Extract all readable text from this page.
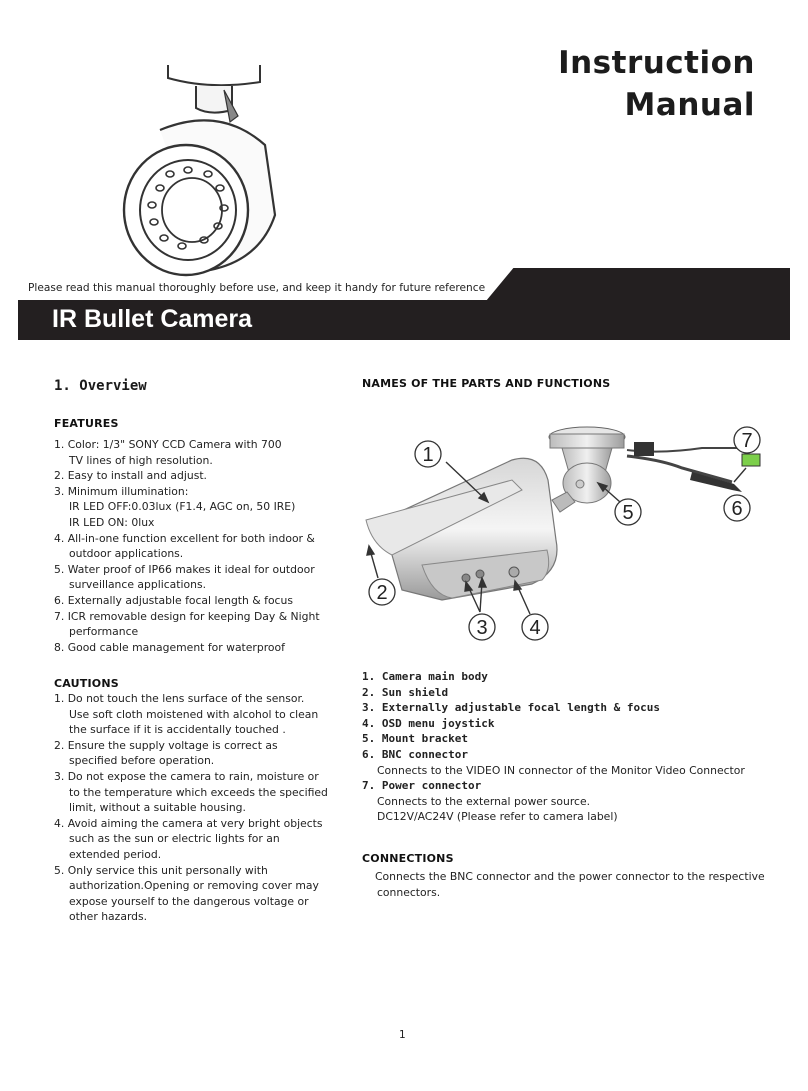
Instruction
Manual
Please read this manual thoroughly before use, and keep it handy for future reference
IR Bullet Camera
1. Overview
FEATURES
1. Color: 1/3" SONY CCD Camera with 700
TV lines of high resolution.
2. Easy to install and adjust.
3. Minimum illumination:
IR LED OFF:0.03lux (F1.4, AGC on, 50 IRE)
IR LED ON: 0lux
4. All-in-one function excellent for both indoor &
outdoor applications.
5. Water proof of IP66 makes it ideal for outdoor
surveillance applications.
6. Externally adjustable focal length & focus
7. ICR removable design for keeping Day & Night
performance
8. Good cable management for waterproof
CAUTIONS
1. Do not touch the lens surface of the sensor.
Use soft cloth moistened with alcohol to clean
the surface if it is accidentally touched .
2. Ensure the supply voltage is correct as
specified before operation.
3. Do not expose the camera to rain, moisture or
to the temperature which exceeds the specified
limit, without a suitable housing.
4. Avoid aiming the camera at very bright objects
such as the sun or electric lights for an
extended period.
5. Only service this unit personally with
authorization.Opening or removing cover may
expose yourself to the dangerous voltage or
other hazards.
NAMES OF THE PARTS AND FUNCTIONS
1
2
3 4
5	6
7
1. Camera main body
2. Sun shield
3. Externally adjustable focal length & focus
4. OSD menu joystick
5. Mount bracket
6. BNC connector
Connects to the VIDEO IN connector of the Monitor Video Connector
7. Power connector
Connects to the external power source.
DC12V/AC24V (Please refer to camera label)
CONNECTIONS
Connects the BNC connector and the power connector to the respective
connectors.
1
